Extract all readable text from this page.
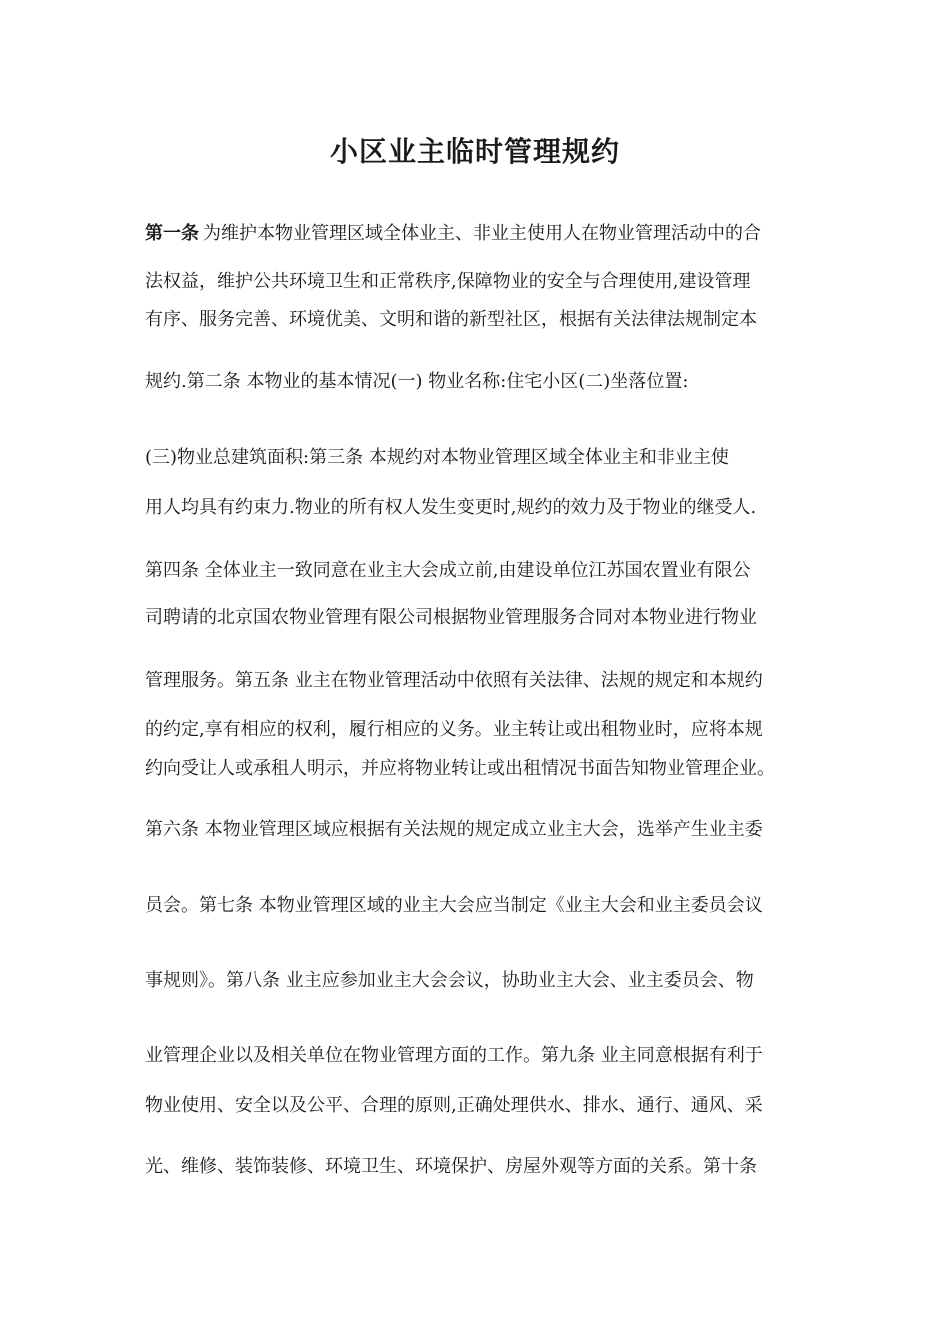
小区业主临时管理规约
第一条 为维护本物业管理区域全体业主、非业主使用人在物业管理活动中的合
法权益，维护公共环境卫生和正常秩序,保障物业的安全与合理使用,建设管理
有序、服务完善、环境优美、文明和谐的新型社区，根据有关法律法规制定本
规约.第二条 本物业的基本情况(一) 物业名称:住宅小区(二)坐落位置:
(三)物业总建筑面积:第三条 本规约对本物业管理区域全体业主和非业主使
用人均具有约束力.物业的所有权人发生变更时,规约的效力及于物业的继受人.
第四条 全体业主一致同意在业主大会成立前,由建设单位江苏国农置业有限公
司聘请的北京国农物业管理有限公司根据物业管理服务合同对本物业进行物业
管理服务。第五条 业主在物业管理活动中依照有关法律、法规的规定和本规约
的约定,享有相应的权利，履行相应的义务。业主转让或出租物业时，应将本规
约向受让人或承租人明示，并应将物业转让或出租情况书面告知物业管理企业。
第六条 本物业管理区域应根据有关法规的规定成立业主大会，选举产生业主委
员会。第七条 本物业管理区域的业主大会应当制定《业主大会和业主委员会议
事规则》。第八条 业主应参加业主大会会议，协助业主大会、业主委员会、物
业管理企业以及相关单位在物业管理方面的工作。第九条 业主同意根据有利于
物业使用、安全以及公平、合理的原则,正确处理供水、排水、通行、通风、采
光、维修、装饰装修、环境卫生、环境保护、房屋外观等方面的关系。第十条
